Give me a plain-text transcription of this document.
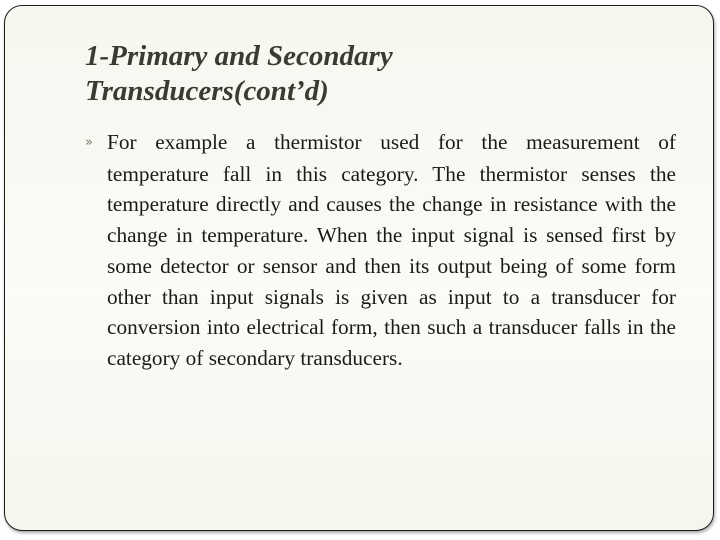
1-Primary and Secondary
Transducers(cont’d)
» For example a thermistor used for the measurement of temperature fall in this category. The thermistor senses the temperature directly and causes the change in resistance with the change in temperature. When the input signal is sensed first by some detector or sensor and then its output being of some form other than input signals is given as input to a transducer for conversion into electrical form, then such a transducer falls in the category of secondary transducers.
